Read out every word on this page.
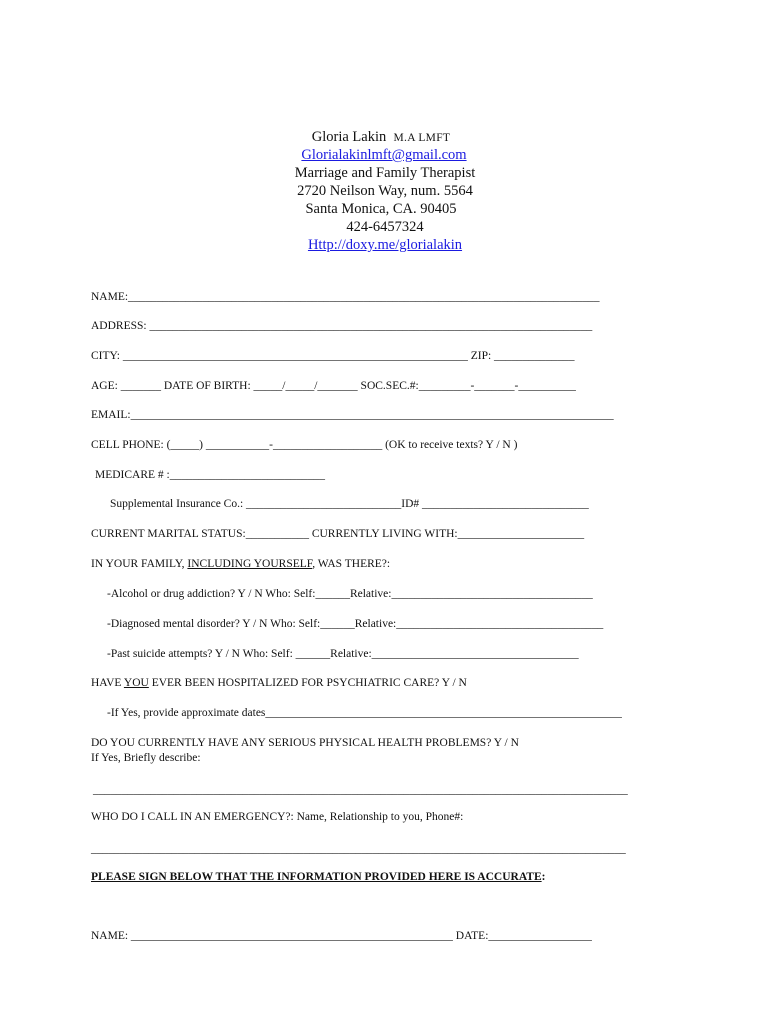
Gloria Lakin M.A LMFT
Glorialakinlmft@gmail.com
Marriage and Family Therapist
2720 Neilson Way, num. 5564
Santa Monica, CA. 90405
424-6457324
Http://doxy.me/glorialakin
NAME:__________________________________________________________________________________
ADDRESS: _____________________________________________________________________________
CITY: ____________________________________________________________ ZIP: ______________
AGE: _______ DATE OF BIRTH: _____/_____/_______ SOC.SEC.#:_________-_______-__________
EMAIL:____________________________________________________________________________________
CELL PHONE: (_____) ___________-___________________ (OK to receive texts? Y / N )
MEDICARE # :___________________________
Supplemental Insurance Co.: ___________________________ID# _____________________________
CURRENT MARITAL STATUS:___________ CURRENTLY LIVING WITH:______________________
IN YOUR FAMILY, INCLUDING YOURSELF, WAS THERE?:
-Alcohol or drug addiction? Y / N Who: Self:______Relative:___________________________________
-Diagnosed mental disorder? Y / N Who: Self:______Relative:____________________________________
-Past suicide attempts? Y / N Who: Self: ______Relative:____________________________________
HAVE YOU EVER BEEN HOSPITALIZED FOR PSYCHIATRIC CARE? Y / N
-If Yes, provide approximate dates______________________________________________________________
DO YOU CURRENTLY HAVE ANY SERIOUS PHYSICAL HEALTH PROBLEMS? Y / N
If Yes, Briefly describe:
_____________________________________________________________________________________________
WHO DO I CALL IN AN EMERGENCY?: Name, Relationship to you, Phone#:
_____________________________________________________________________________________________
PLEASE SIGN BELOW THAT THE INFORMATION PROVIDED HERE IS ACCURATE:
NAME: ________________________________________________________ DATE:__________________
